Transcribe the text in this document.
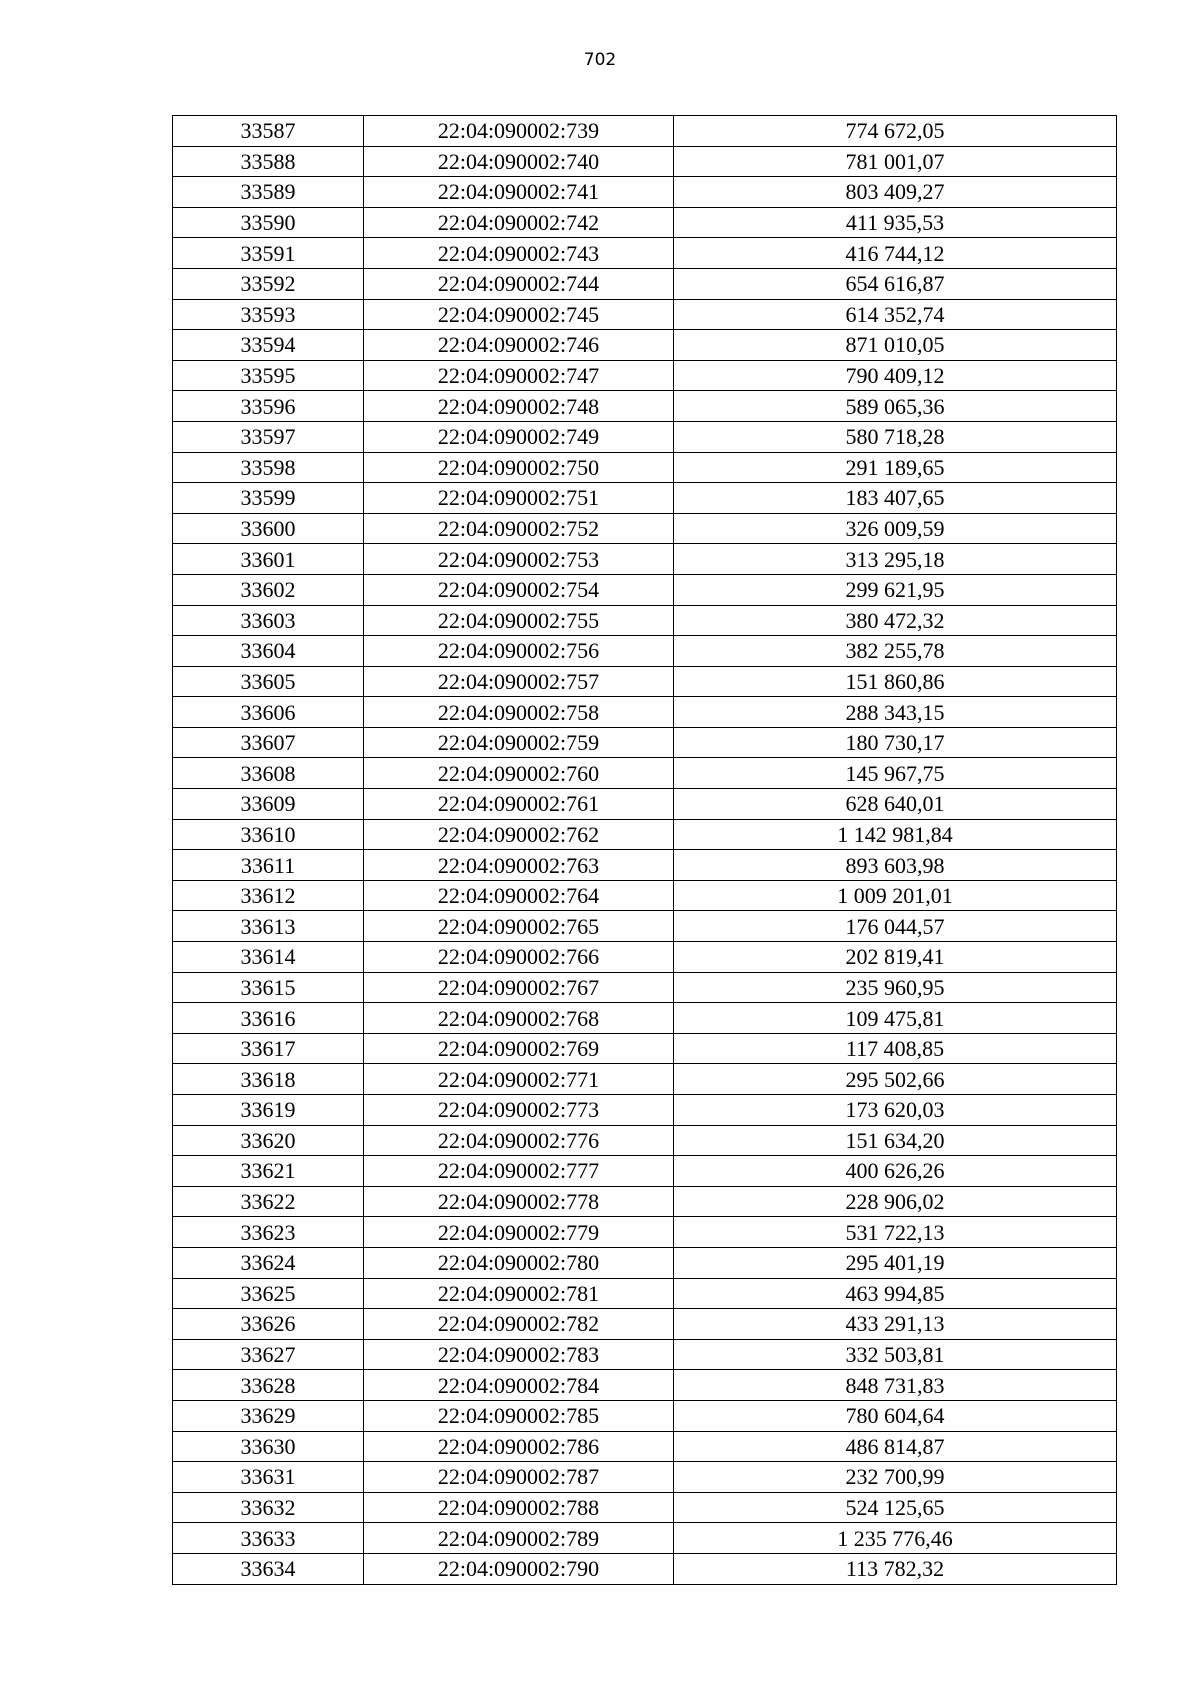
702
33587	22:04:090002:739	774 672,05
33588	22:04:090002:740	781 001,07
33589	22:04:090002:741	803 409,27
33590	22:04:090002:742	411 935,53
33591	22:04:090002:743	416 744,12
33592	22:04:090002:744	654 616,87
33593	22:04:090002:745	614 352,74
33594	22:04:090002:746	871 010,05
33595	22:04:090002:747	790 409,12
33596	22:04:090002:748	589 065,36
33597	22:04:090002:749	580 718,28
33598	22:04:090002:750	291 189,65
33599	22:04:090002:751	183 407,65
33600	22:04:090002:752	326 009,59
33601	22:04:090002:753	313 295,18
33602	22:04:090002:754	299 621,95
33603	22:04:090002:755	380 472,32
33604	22:04:090002:756	382 255,78
33605	22:04:090002:757	151 860,86
33606	22:04:090002:758	288 343,15
33607	22:04:090002:759	180 730,17
33608	22:04:090002:760	145 967,75
33609	22:04:090002:761	628 640,01
33610	22:04:090002:762	1 142 981,84
33611	22:04:090002:763	893 603,98
33612	22:04:090002:764	1 009 201,01
33613	22:04:090002:765	176 044,57
33614	22:04:090002:766	202 819,41
33615	22:04:090002:767	235 960,95
33616	22:04:090002:768	109 475,81
33617	22:04:090002:769	117 408,85
33618	22:04:090002:771	295 502,66
33619	22:04:090002:773	173 620,03
33620	22:04:090002:776	151 634,20
33621	22:04:090002:777	400 626,26
33622	22:04:090002:778	228 906,02
33623	22:04:090002:779	531 722,13
33624	22:04:090002:780	295 401,19
33625	22:04:090002:781	463 994,85
33626	22:04:090002:782	433 291,13
33627	22:04:090002:783	332 503,81
33628	22:04:090002:784	848 731,83
33629	22:04:090002:785	780 604,64
33630	22:04:090002:786	486 814,87
33631	22:04:090002:787	232 700,99
33632	22:04:090002:788	524 125,65
33633	22:04:090002:789	1 235 776,46
33634	22:04:090002:790	113 782,32
